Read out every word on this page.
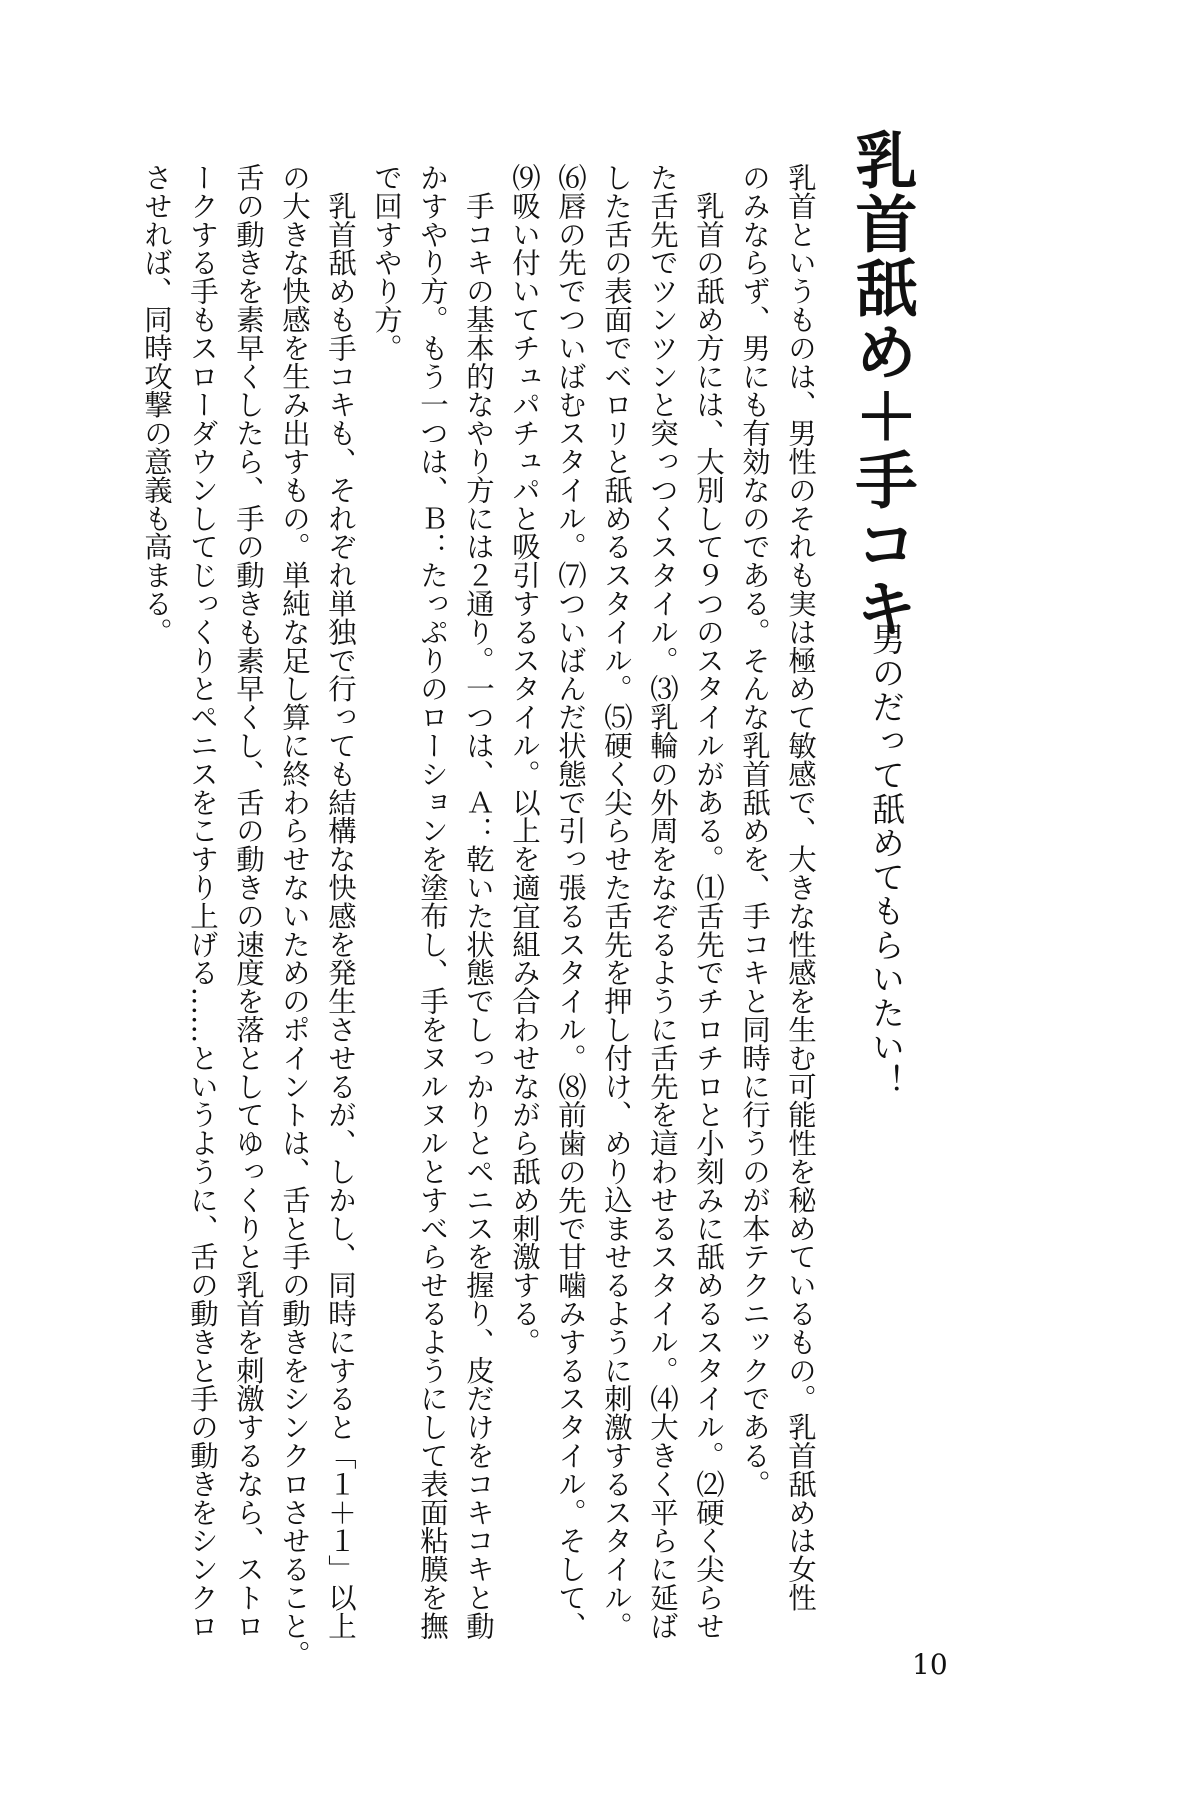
乳首舐め＋手コキ
男のだって舐めてもらいたい！
乳首というものは、男性のそれも実は極めて敏感で、大きな性感を生む可能性を秘めているもの。乳首舐めは女性
のみならず、男にも有効なのである。そんな乳首舐めを、手コキと同時に行うのが本テクニックである。
　乳首の舐め方には、大別して９つのスタイルがある。⑴舌先でチロチロと小刻みに舐めるスタイル。⑵硬く尖らせ
た舌先でツンツンと突っつくスタイル。⑶乳輪の外周をなぞるように舌先を這わせるスタイル。⑷大きく平らに延ば
した舌の表面でベロリと舐めるスタイル。⑸硬く尖らせた舌先を押し付け、めり込ませるように刺激するスタイル。
⑹唇の先でついばむスタイル。⑺ついばんだ状態で引っ張るスタイル。⑻前歯の先で甘噛みするスタイル。そして、
⑼吸い付いてチュパチュパと吸引するスタイル。以上を適宜組み合わせながら舐め刺激する。
　手コキの基本的なやり方には２通り。一つは、Ａ：乾いた状態でしっかりとペニスを握り、皮だけをコキコキと動
かすやり方。もう一つは、Ｂ：たっぷりのローションを塗布し、手をヌルヌルとすべらせるようにして表面粘膜を撫
で回すやり方。
　乳首舐めも手コキも、それぞれ単独で行っても結構な快感を発生させるが、しかし、同時にすると「１＋１」以上
の大きな快感を生み出すもの。単純な足し算に終わらせないためのポイントは、舌と手の動きをシンクロさせること。
舌の動きを素早くしたら、手の動きも素早くし、舌の動きの速度を落としてゆっくりと乳首を刺激するなら、ストロ
ークする手もスローダウンしてじっくりとペニスをこすり上げる……というように、舌の動きと手の動きをシンクロ
させれば、同時攻撃の意義も高まる。
10
